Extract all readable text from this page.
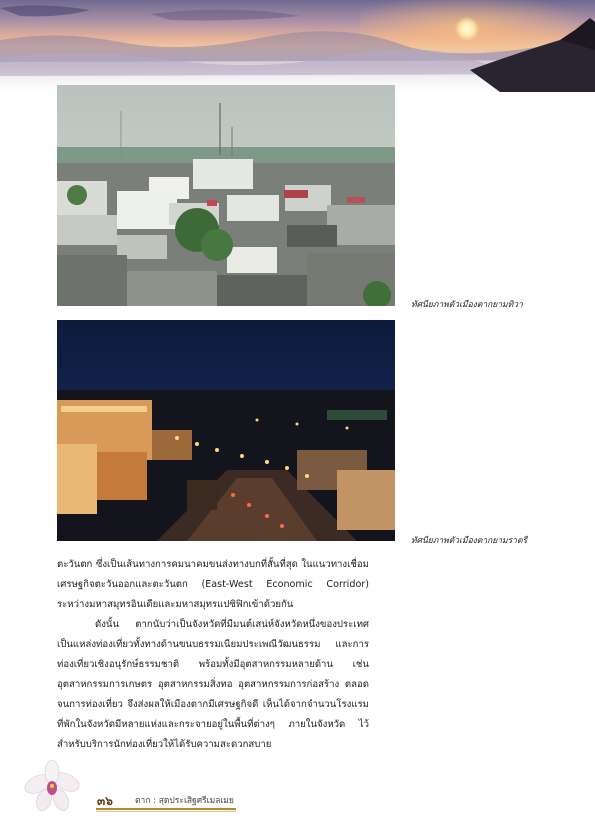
ทัศนียภาพตัวเมืองตากยามทิวา
ทัศนียภาพตัวเมืองตากยามราตรี

ตะวันตก ซึ่งเป็นเส้นทางการคมนาคมขนส่งทางบกที่สั้นที่สุด ในแนวทางเชื่อมเศรษฐกิจตะวันออกและตะวันตก (East-West Economic Corridor) ระหว่างมหาสมุทรอินเดียและมหาสมุทรแปซิฟิกเข้าด้วยกัน

ดังนั้น ตากนับว่าเป็นจังหวัดที่มีมนต์เสน่ห์จังหวัดหนึ่งของประเทศ เป็นแหล่งท่องเที่ยวทั้งทางด้านขนบธรรมเนียมประเพณีวัฒนธรรม และการท่องเที่ยวเชิงอนุรักษ์ธรรมชาติ พร้อมทั้งมีอุตสาหกรรมหลายด้าน เช่น อุตสาหกรรมการเกษตร อุตสาหกรรมสิ่งทอ อุตสาหกรรมการก่อสร้าง ตลอดจนการท่องเที่ยว จึงส่งผลให้เมืองตากมีเศรษฐกิจดี เห็นได้จากจำนวนโรงแรมที่พักในจังหวัดมีหลายแห่งและกระจายอยู่ในพื้นที่ต่างๆ ภายในจังหวัด ไว้สำหรับบริการนักท่องเที่ยวให้ได้รับความสะดวกสบาย

๓๖	ตาก : สุดประเสิฐศรีเมลเมย
